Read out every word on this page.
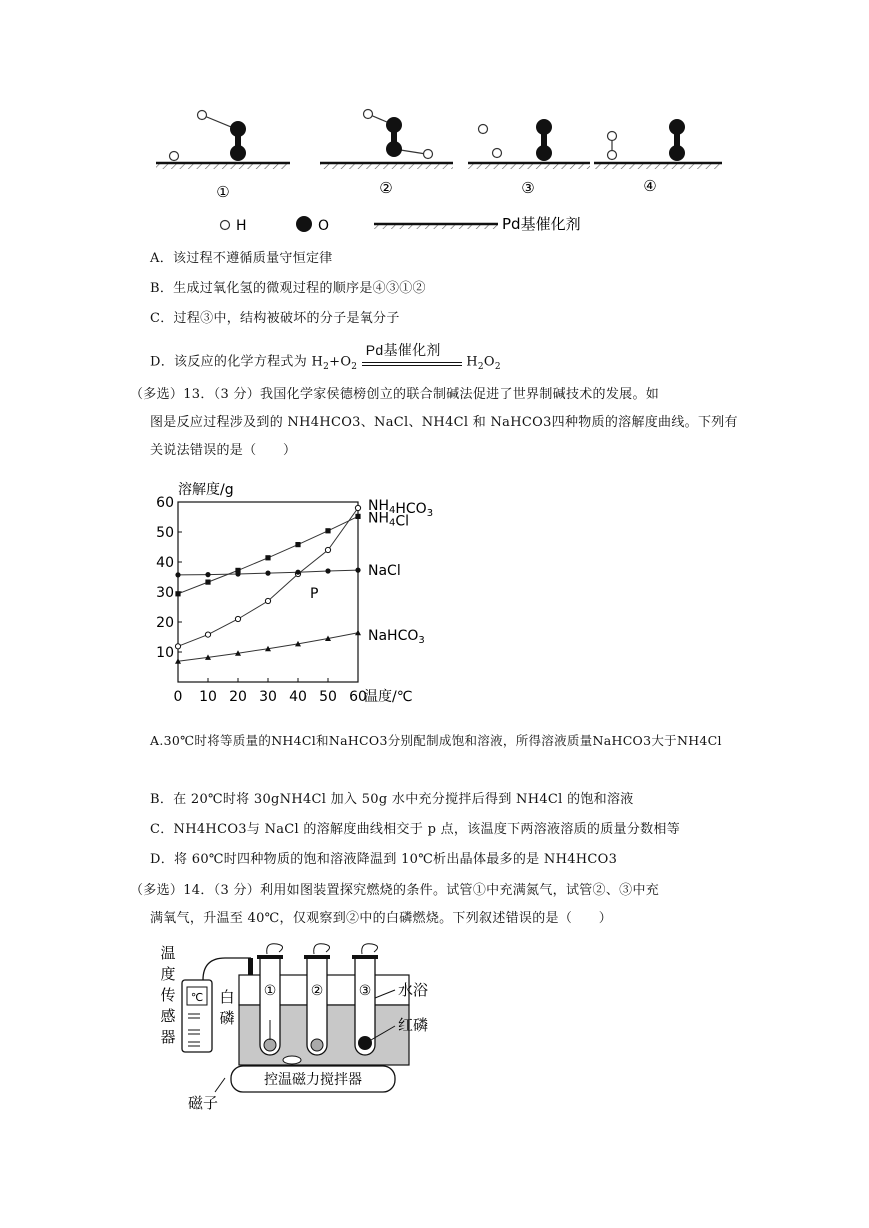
①	②	③	④
H	O	Pd基催化剂
A．该过程不遵循质量守恒定律
B．生成过氧化氢的微观过程的顺序是④③①②
C．过程③中，结构被破坏的分子是氧分子
D．该反应的化学方程式为 $H_2+O_2$
Pd基催化剂
$H_2O_2$
（多选）13．（3 分）我国化学家侯德榜创立的联合制碱法促进了世界制碱技术的发展。如
图是反应过程涉及到的 NH4HCO3、NaCl、NH4Cl 和 NaHCO3四种物质的溶解度曲线。下列有
关说法错误的是（　　）
溶解度/g
10
20
30
40
50
60
0 10 20 30 40 50 60
温度/℃
$NH_4HCO_3$
$NH_4Cl$
NaCl
NaHCO$_3$
P
A.30℃时将等质量的NH4Cl和NaHCO3分别配制成饱和溶液，所得溶液质量NaHCO3大于NH4Cl
B．在 20℃时将 30gNH4Cl 加入 50g 水中充分搅拌后得到 NH4Cl 的饱和溶液
C．NH4HCO3与 NaCl 的溶解度曲线相交于 p 点，该温度下两溶液溶质的质量分数相等
D．将 60℃时四种物质的饱和溶液降温到 10℃析出晶体最多的是 NH4HCO3
（多选）14．（3 分）利用如图装置探究燃烧的条件。试管①中充满氮气，试管②、③中充
满氧气，升温至 40℃，仅观察到②中的白磷燃烧。下列叙述错误的是（　　）
温度传感器
℃	① ②	③
白磷
水浴
红磷
控温磁力搅拌器
磁子
